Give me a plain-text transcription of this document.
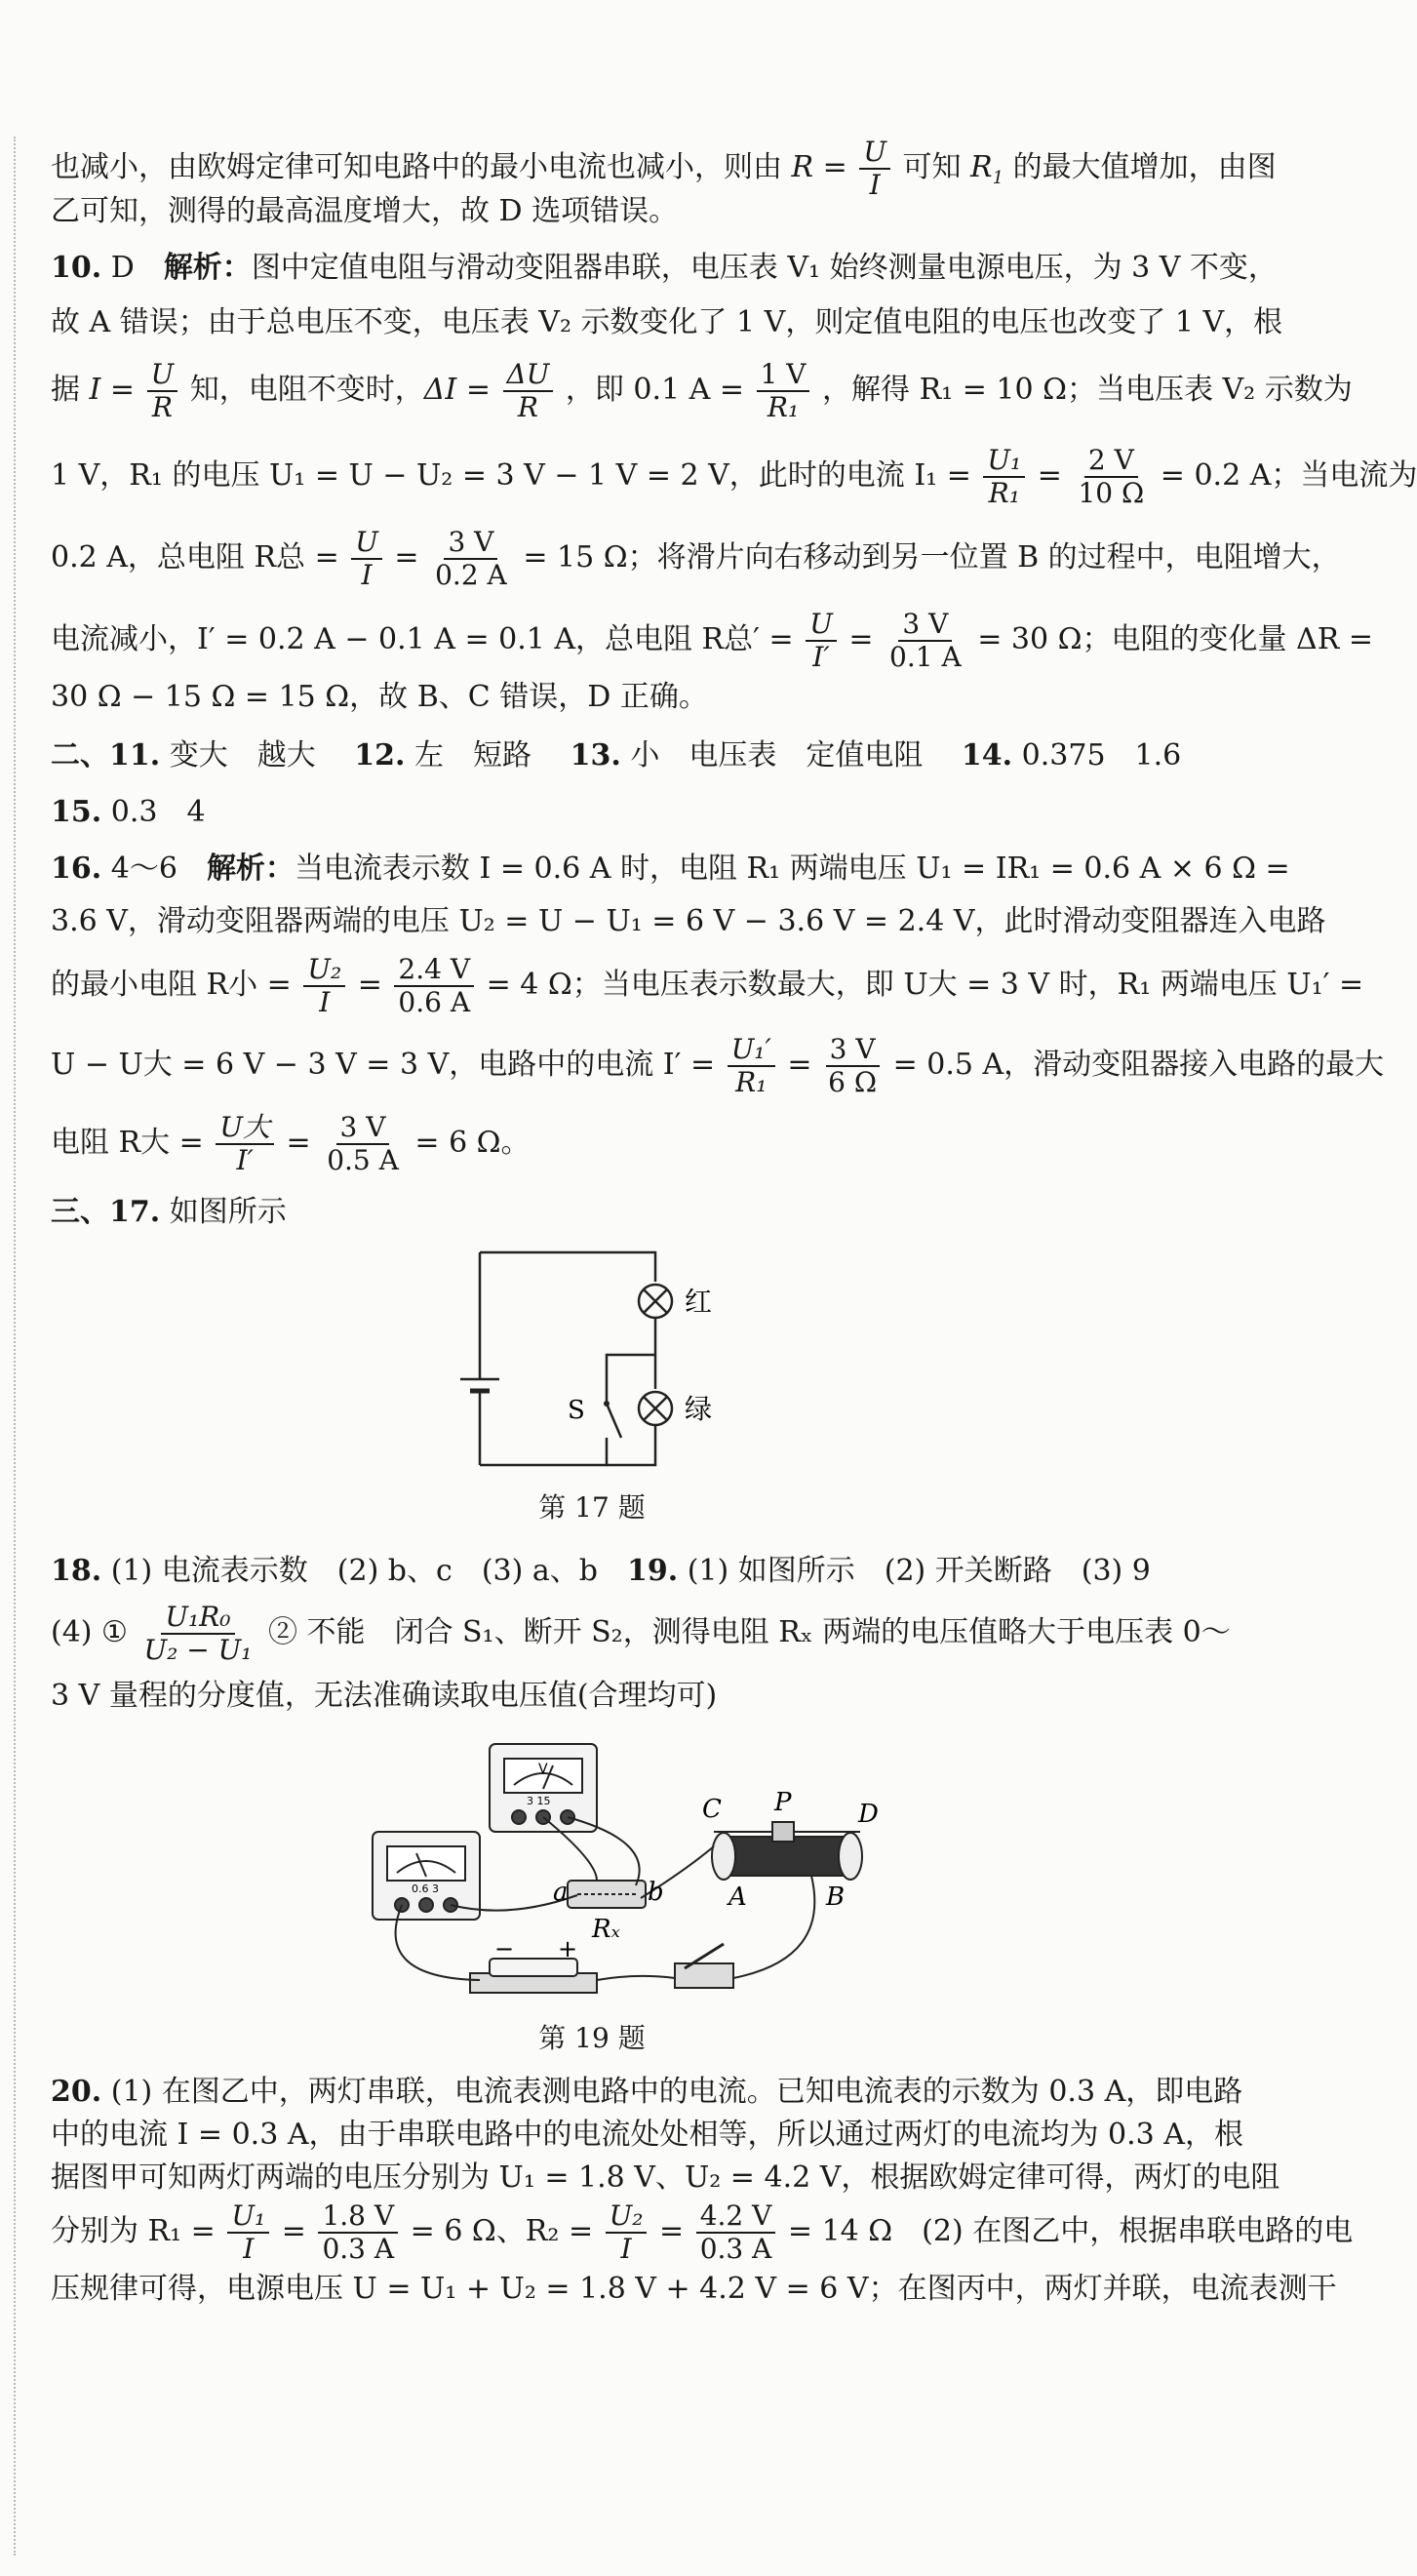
也减小，由欧姆定律可知电路中的最小电流也减小，则由 $R = \frac{U}{I}$ 可知 $R_1$ 的最大值增加，由图

乙可知，测得的最高温度增大，故 D 选项错误。

10. D　 解析：图中定值电阻与滑动变阻器串联，电压表 V₁ 始终测量电源电压，为 3 V 不变，

故 A 错误；由于总电压不变，电压表 V₂ 示数变化了 1 V，则定值电阻的电压也改变了 1 V，根

据 $I = \frac{U}{R}$ 知，电阻不变时，$\Delta I = \frac{\Delta U}{R}$ ，即 0.1 $A = \frac{1 V}{\text{R₁}}$ ，解得 R₁ = 10 Ω；当电压表 V₂ 示数为

1 V，R₁ 的电压 U₁ = U − U₂ = 3 V − 1 V = 2 V，此时的电流 $I_1 = \frac{\text{U₁}}{\text{R₁}} = \frac{2 V}{10 \Omega} = 0.2$ A；当电流为

0.2 A，总电阻 R总 = $\frac{U}{I} = \frac{3 V}{0.2 A} = 15$ Ω；将滑片向右移动到另一位置 B 的过程中，电阻增大，

电流减小，I′ = 0.2 A − 0.1 A = 0.1 A，总电阻 R总′ = $\frac{U}{I'} = \frac{3 V}{0.1 A} = 30$ Ω；电阻的变化量 ΔR =

30 Ω − 15 Ω = 15 Ω，故 B、C 错误，D 正确。

二、11. 变大　越大　 12. 左　短路　 13. 小　电压表　定值电阻　 14. 0.375　1.6

15. 0.3　4

16. 4～6　 解析：当电流表示数 I = 0.6 A 时，电阻 R₁ 两端电压 U₁ = IR₁ = 0.6 A × 6 Ω =

3.6 V，滑动变阻器两端的电压 U₂ = U − U₁ = 6 V − 3.6 V = 2.4 V，此时滑动变阻器连入电路

的最小电阻 R小 = $\frac{\text{U₂}}{I} = \frac{2.4 V}{0.6 A} = 4$ Ω；当电压表示数最大，即 U大 = 3 V 时，R₁ 两端电压 U₁′ =

U − U大 = 6 V − 3 V = 3 V，电路中的电流 $I' = \frac{\text{U₁′}}{\text{R₁}} = \frac{3 V}{6 \Omega} = 0.5$ A，滑动变阻器接入电路的最大

电阻 R大 = $\frac{\text{U大}}{I'} = \frac{3 V}{0.5 A} = 6$ Ω。

三、17. 如图所示

红
绿
S
第 17 题

18. (1) 电流表示数　(2) b、c　(3) a、b　 19. (1) 如图所示　(2) 开关断路　(3) 9

(4) ① $\frac{\text{U₁R₀}}{\text{U₂ − U₁}}$ ② 不能　闭合 S₁、断开 S₂，测得电阻 Rₓ 两端的电压值略大于电压表 0～

3 V 量程的分度值，无法准确读取电压值(合理均可)

V
3 15
0.6 3
C P	D
A	B
a	b
Rₓ
− +
第 19 题

20. (1) 在图乙中，两灯串联，电流表测电路中的电流。已知电流表的示数为 0.3 A，即电路

中的电流 I = 0.3 A，由于串联电路中的电流处处相等，所以通过两灯的电流均为 0.3 A，根

据图甲可知两灯两端的电压分别为 U₁ = 1.8 V、U₂ = 4.2 V，根据欧姆定律可得，两灯的电阻

分别为 $R_1 = \frac{\text{U₁}}{I} = \frac{1.8 V}{0.3 A} = 6$ Ω、$R_2 = \frac{\text{U₂}}{I} = \frac{4.2 V}{0.3 A} = 14$ Ω　(2) 在图乙中，根据串联电路的电

压规律可得，电源电压 U = U₁ + U₂ = 1.8 V + 4.2 V = 6 V；在图丙中，两灯并联，电流表测干
